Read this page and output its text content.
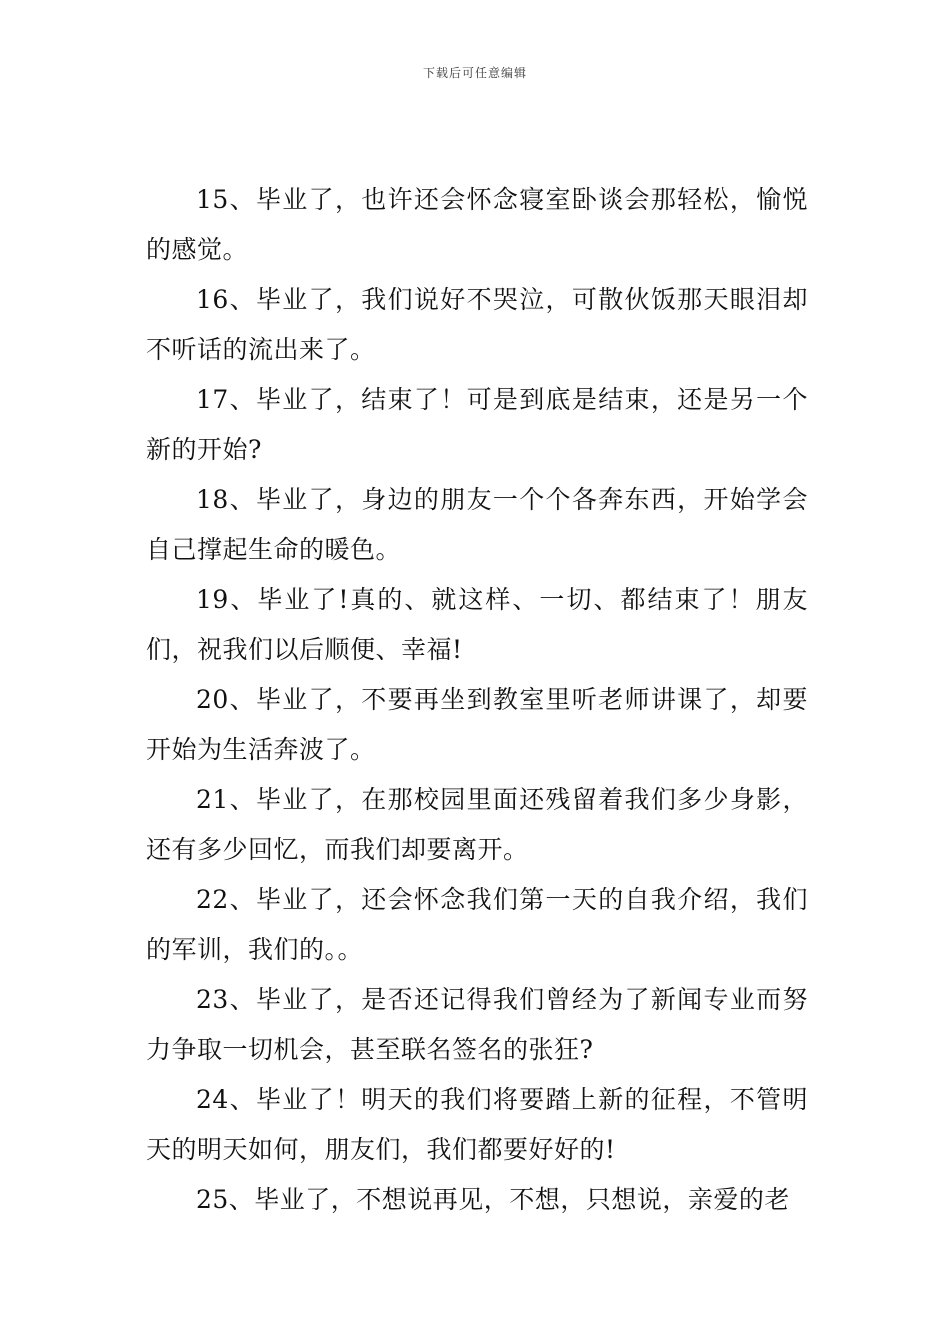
下载后可任意编辑

15、毕业了，也许还会怀念寝室卧谈会那轻松，愉悦的感觉。

16、毕业了，我们说好不哭泣，可散伙饭那天眼泪却不听话的流出来了。

17、毕业了，结束了！可是到底是结束，还是另一个新的开始?

18、毕业了，身边的朋友一个个各奔东西，开始学会自己撑起生命的暖色。

19、毕业了!真的、就这样、一切、都结束了！朋友们，祝我们以后顺便、幸福!

20、毕业了，不要再坐到教室里听老师讲课了，却要开始为生活奔波了。

21、毕业了，在那校园里面还残留着我们多少身影，还有多少回忆，而我们却要离开。

22、毕业了，还会怀念我们第一天的自我介绍，我们的军训，我们的。。

23、毕业了，是否还记得我们曾经为了新闻专业而努力争取一切机会，甚至联名签名的张狂?

24、毕业了！明天的我们将要踏上新的征程，不管明天的明天如何，朋友们，我们都要好好的!

25、毕业了，不想说再见，不想，只想说，亲爱的老
